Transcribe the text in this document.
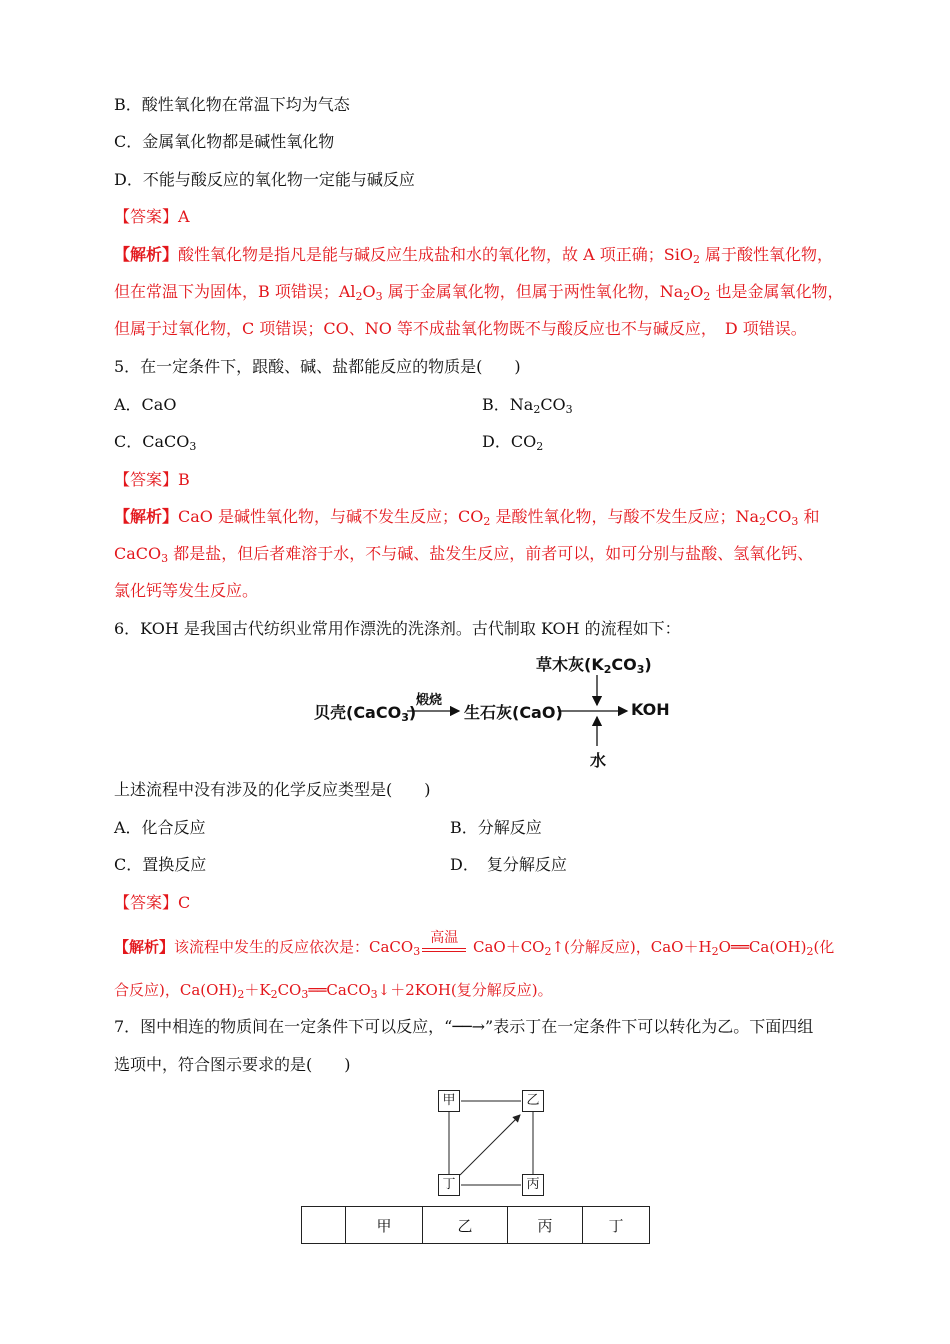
B．酸性氧化物在常温下均为气态
C．金属氧化物都是碱性氧化物
D．不能与酸反应的氧化物一定能与碱反应
【答案】A
【解析】酸性氧化物是指凡是能与碱反应生成盐和水的氧化物，故 A 项正确；SiO$_2$ 属于酸性氧化物，
但在常温下为固体，B 项错误；$Al_2O_3$ 属于金属氧化物，但属于两性氧化物，$Na_2O_2$ 也是金属氧化物，
但属于过氧化物，C 项错误；CO、NO 等不成盐氧化物既不与酸反应也不与碱反应，　D 项错误。
5．在一定条件下，跟酸、碱、盐都能反应的物质是(　　)
A．CaO	B．$Na_2CO_3$
C．CaCO$_3$	D．$CO_2$
【答案】B
【解析】CaO 是碱性氧化物，与碱不发生反应；$CO_2$ 是酸性氧化物，与酸不发生反应；$Na_2CO_3$ 和
CaCO$_3$ 都是盐，但后者难溶于水，不与碱、盐发生反应，前者可以，如可分别与盐酸、氢氧化钙、
氯化钙等发生反应。
6．KOH 是我国古代纺织业常用作漂洗的洗涤剂。古代制取 KOH 的流程如下：
草木灰$(K_2CO_3)$
贝壳(CaCO$_3$)
煅烧
生石灰(CaO)	KOH
水
上述流程中没有涉及的化学反应类型是(　　)
A．化合反应	B．分解反应
C．置换反应	D．　复分解反应
【答案】C
【解析】该流程中发生的反应依次是：CaCO$_3$
高温 $CaO+CO_2↑$(分解反应)，$CaO+H_2O══Ca(OH)_2$(化
合反应)，$Ca(OH)_2+K_2CO_3══CaCO_3↓+2KOH$(复分解反应)。
7．图中相连的物质间在一定条件下可以反应，“──→”表示丁在一定条件下可以转化为乙。下面四组
选项中，符合图示要求的是(　　)
甲	乙
丁	丙
	甲	乙	丙	丁
